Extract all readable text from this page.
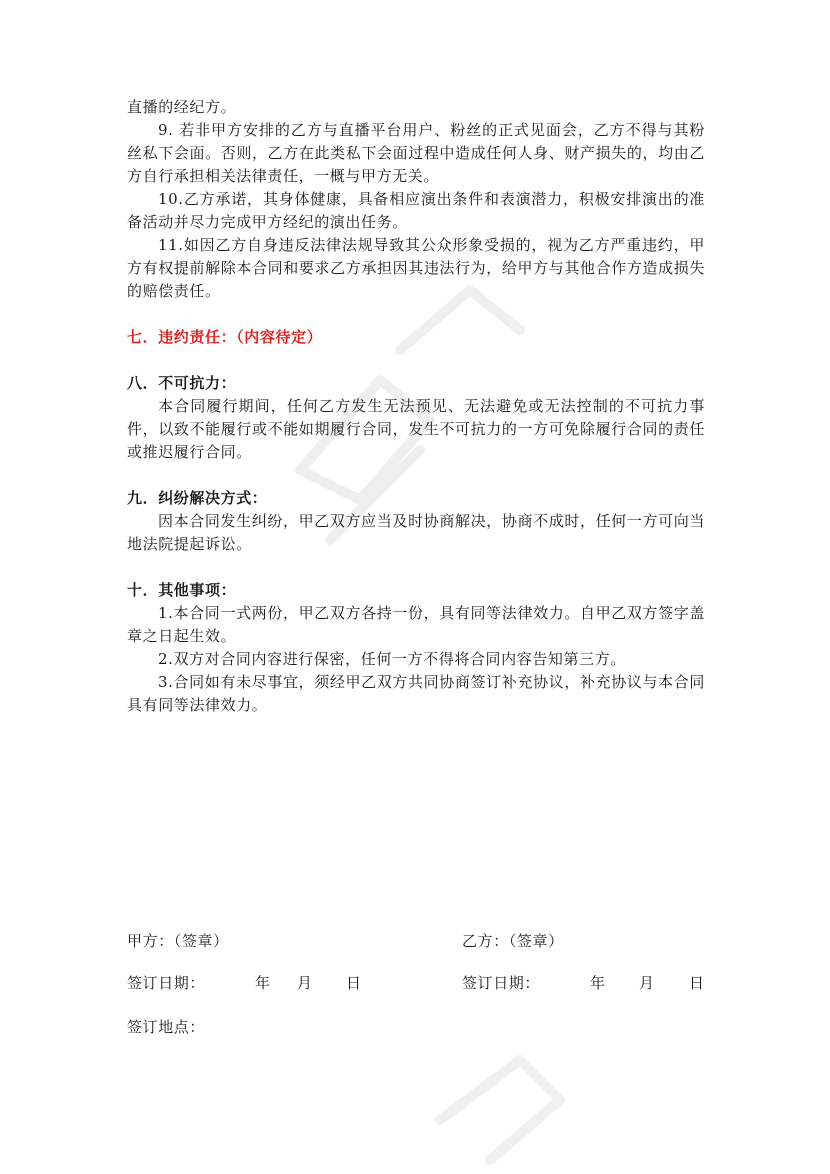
直播的经纪方。

9. 若非甲方安排的乙方与直播平台用户、粉丝的正式见面会，乙方不得与其粉丝私下会面。否则，乙方在此类私下会面过程中造成任何人身、财产损失的，均由乙方自行承担相关法律责任，一概与甲方无关。

10.乙方承诺，其身体健康，具备相应演出条件和表演潜力，积极安排演出的准备活动并尽力完成甲方经纪的演出任务。

11.如因乙方自身违反法律法规导致其公众形象受损的，视为乙方严重违约，甲方有权提前解除本合同和要求乙方承担因其违法行为，给甲方与其他合作方造成损失的赔偿责任。

七．违约责任：（内容待定）

八．不可抗力：

本合同履行期间，任何乙方发生无法预见、无法避免或无法控制的不可抗力事件，以致不能履行或不能如期履行合同，发生不可抗力的一方可免除履行合同的责任或推迟履行合同。

九．纠纷解决方式：

因本合同发生纠纷，甲乙双方应当及时协商解决，协商不成时，任何一方可向当地法院提起诉讼。

十．其他事项：

1.本合同一式两份，甲乙双方各持一份，具有同等法律效力。自甲乙双方签字盖章之日起生效。

2.双方对合同内容进行保密，任何一方不得将合同内容告知第三方。

3.合同如有未尽事宜，须经甲乙双方共同协商签订补充协议，补充协议与本合同具有同等法律效力。

甲方：（签章）	乙方：（签章）
签订日期：	年 月 日	签订日期：	年 月 日
签订地点：
